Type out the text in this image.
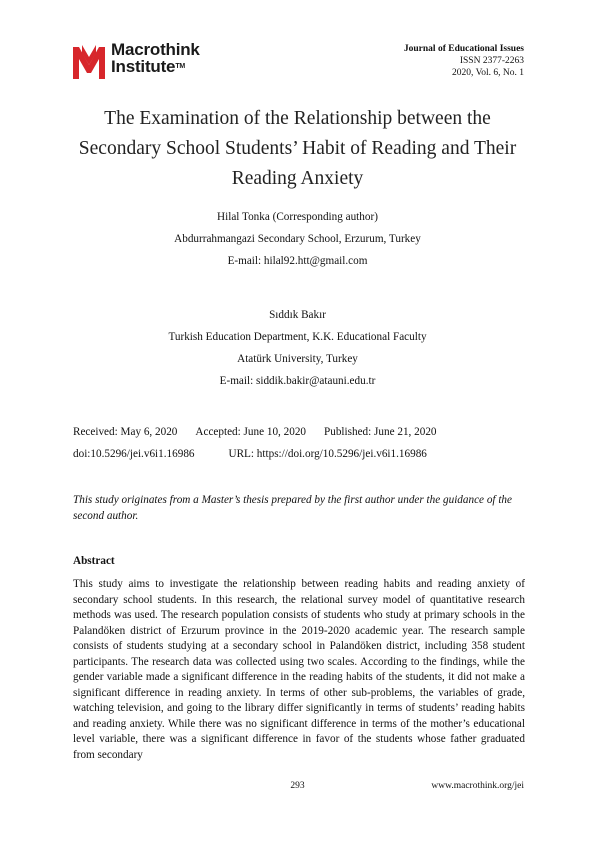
Macrothink
Institute™
Journal of Educational Issues
ISSN 2377-2263
2020, Vol. 6, No. 1
The Examination of the Relationship between the
Secondary School Students’ Habit of Reading and Their
Reading Anxiety
Hilal Tonka (Corresponding author)
Abdurrahmangazi Secondary School, Erzurum, Turkey
E-mail: hilal92.htt@gmail.com
Sıddık Bakır
Turkish Education Department, K.K. Educational Faculty
Atatürk University, Turkey
E-mail: siddik.bakir@atauni.edu.tr
Received: May 6, 2020 Accepted: June 10, 2020 Published: June 21, 2020
doi:10.5296/jei.v6i1.16986	URL: https://doi.org/10.5296/jei.v6i1.16986
This study originates from a Master’s thesis prepared by the first author under the guidance of the second author.
Abstract
This study aims to investigate the relationship between reading habits and reading anxiety of secondary school students. In this research, the relational survey model of quantitative research methods was used. The research population consists of students who study at primary schools in the Palandöken district of Erzurum province in the 2019-2020 academic year. The research sample consists of students studying at a secondary school in Palandöken district, including 358 student participants. The research data was collected using two scales. According to the findings, while the gender variable made a significant difference in the reading habits of the students, it did not make a significant difference in reading anxiety. In terms of other sub-problems, the variables of grade, watching television, and going to the library differ significantly in terms of students’ reading habits and reading anxiety. While there was no significant difference in terms of the mother’s educational level variable, there was a significant difference in favor of the students whose father graduated from secondary
293	www.macrothink.org/jei
